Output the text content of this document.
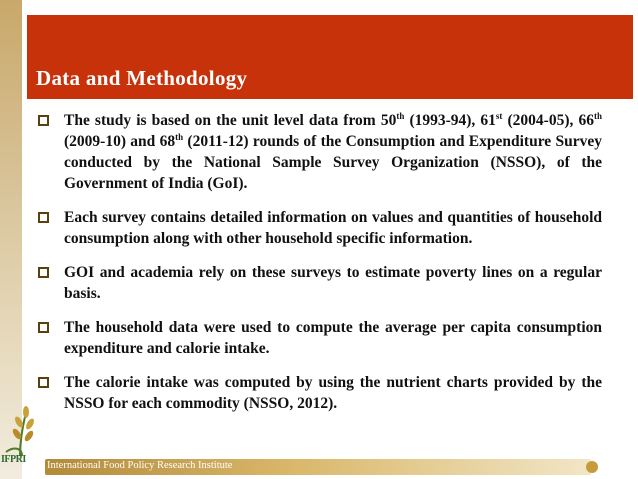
Data and Methodology
The study is based on the unit level data from 50th (1993-94), 61st (2004-05), 66th (2009-10) and 68th (2011-12) rounds of the Consumption and Expenditure Survey conducted by the National Sample Survey Organization (NSSO), of the Government of India (GoI).
Each survey contains detailed information on values and quantities of household consumption along with other household specific information.
GOI and academia rely on these surveys to estimate poverty lines on a regular basis.
The household data were used to compute the average per capita consumption expenditure and calorie intake.
The calorie intake was computed by using the nutrient charts provided by the NSSO for each commodity (NSSO, 2012).
IFPRI
International Food Policy Research Institute
